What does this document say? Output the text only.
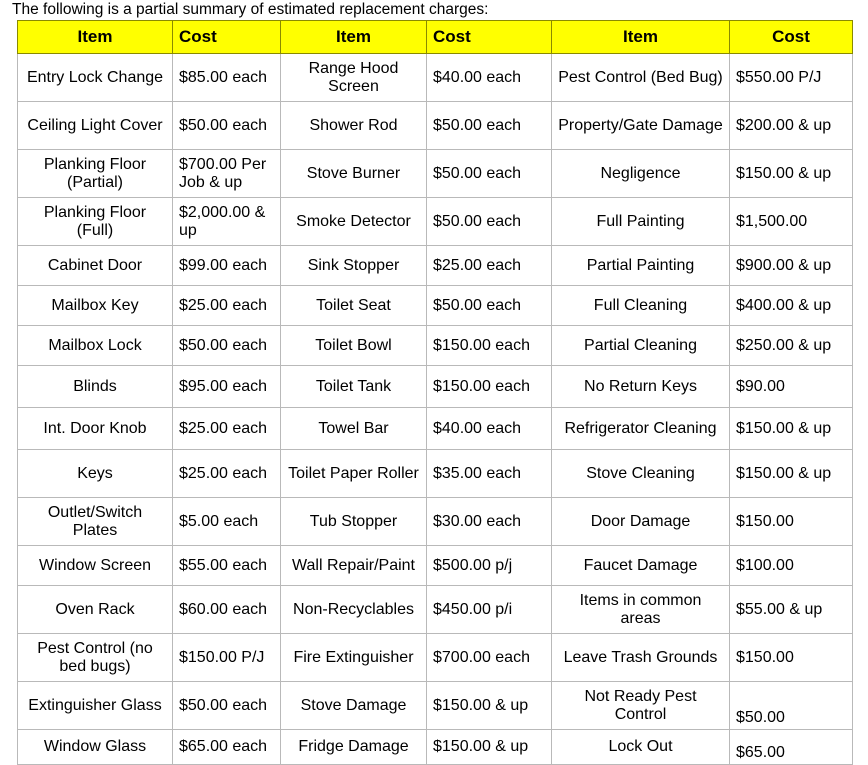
The following is a partial summary of estimated replacement charges:
Item	Cost	Item	Cost	Item	Cost
Entry Lock Change	$85.00 each	Range Hood Screen	$40.00 each	Pest Control (Bed Bug)	$550.00 P/J
Ceiling Light Cover	$50.00 each	Shower Rod	$50.00 each	Property/Gate Damage	$200.00 & up
Planking Floor (Partial)	$700.00 Per Job & up	Stove Burner	$50.00 each	Negligence	$150.00 & up
Planking Floor (Full)	$2,000.00 & up	Smoke Detector	$50.00 each	Full Painting	$1,500.00
Cabinet Door	$99.00 each	Sink Stopper	$25.00 each	Partial Painting	$900.00 & up
Mailbox Key	$25.00 each	Toilet Seat	$50.00 each	Full Cleaning	$400.00 & up
Mailbox Lock	$50.00 each	Toilet Bowl	$150.00 each	Partial Cleaning	$250.00 & up
Blinds	$95.00 each	Toilet Tank	$150.00 each	No Return Keys	$90.00
Int. Door Knob	$25.00 each	Towel Bar	$40.00 each	Refrigerator Cleaning	$150.00 & up
Keys	$25.00 each	Toilet Paper Roller	$35.00 each	Stove Cleaning	$150.00 & up
Outlet/Switch Plates	$5.00 each	Tub Stopper	$30.00 each	Door Damage	$150.00
Window Screen	$55.00 each	Wall Repair/Paint	$500.00 p/j	Faucet Damage	$100.00
Oven Rack	$60.00 each	Non-Recyclables	$450.00 p/i	Items in common areas	$55.00 & up
Pest Control (no bed bugs)	$150.00 P/J	Fire Extinguisher	$700.00 each	Leave Trash Grounds	$150.00
Extinguisher Glass	$50.00 each	Stove Damage	$150.00 & up	Not Ready Pest Control	$50.00
Window Glass	$65.00 each	Fridge Damage	$150.00 & up	Lock Out	$65.00
